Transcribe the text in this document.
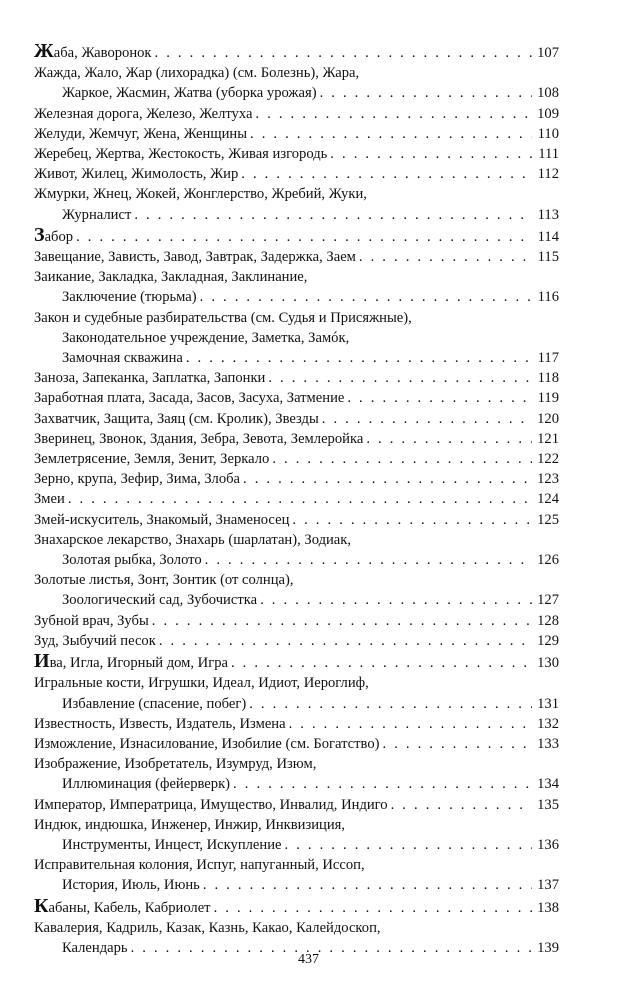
Ж аба, Жаворонок . . .	107
Жажда, Жало, Жар (лихорадка) (см. Болезнь), Жара,
Жаркое, Жасмин, Жатва (уборка урожая) . . .	108
Железная дорога, Железо, Желтуха . . .	109
Желуди, Жемчуг, Жена, Женщины . . .	110
Жеребец, Жертва, Жестокость, Живая изгородь . . .	111
Живот, Жилец, Жимолость, Жир . . .	112
Жмурки, Жнец, Жокей, Жонглерство, Жребий, Жуки,
Журналист . . .	113
З абор . . .	114
Завещание, Зависть, Завод, Завтрак, Задержка, Заем . . .	115
Заикание, Закладка, Закладная, Заклинание,
Заключение (тюрьма) . . .	116
Закон и судебные разбирательства (см. Судья и Присяжные),
Законодательное учреждение, Заметка, Замóк,
Замочная скважина . . .	117
Заноза, Запеканка, Заплатка, Запонки . . .	118
Заработная плата, Засада, Засов, Засуха, Затмение . . .	119
Захватчик, Защита, Заяц (см. Кролик), Звезды . . .	120
Зверинец, Звонок, Здания, Зебра, Зевота, Землеройка . . .	121
Землетрясение, Земля, Зенит, Зеркало . . .	122
Зерно, крупа, Зефир, Зима, Злоба . . .	123
Змеи . . .	124
Змей-искуситель, Знакомый, Знаменосец . . .	125
Знахарское лекарство, Знахарь (шарлатан), Зодиак,
Золотая рыбка, Золото . . .	126
Золотые листья, Зонт, Зонтик (от солнца),
Зоологический сад, Зубочистка . . .	127
Зубной врач, Зубы . . .	128
Зуд, Зыбучий песок . . .	129
И ва, Игла, Игорный дом, Игра . . .	130
Игральные кости, Игрушки, Идеал, Идиот, Иероглиф,
Избавление (спасение, побег) . . .	131
Известность, Известь, Издатель, Измена . . .	132
Изможление, Изнасилование, Изобилие (см. Богатство) . . .	133
Изображение, Изобретатель, Изумруд, Изюм,
Иллюминация (фейерверк) . . .	134
Император, Императрица, Имущество, Инвалид, Индиго . . .	135
Индюк, индюшка, Инженер, Инжир, Инквизиция,
Инструменты, Инцест, Искупление . . .	136
Исправительная колония, Испуг, напуганный, Иссоп,
История, Июль, Июнь . . .	137
К абаны, Кабель, Кабриолет . . .	138
Кавалерия, Кадриль, Казак, Казнь, Какао, Калейдоскоп,
Календарь . . .	139
437
